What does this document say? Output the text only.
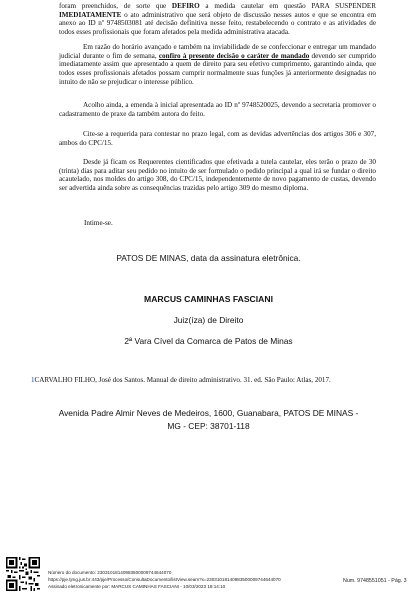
foram preenchidos, de sorte que DEFIRO a medida cautelar em questão PARA SUSPENDER IMEDIATAMENTE o ato administrativo que será objeto de discussão nesses autos e que se encontra em anexo ao ID nº 9748503081 até decisão definitiva nesse feito, restabelecendo o contrato e as atividades de todos esses profissionais que foram afetados pela medida administrativa atacada.
Em razão do horário avançado e também na inviabilidade de se confeccionar e entregar um mandado judicial durante o fim de semana, confiro à presente decisão o caráter de mandado devendo ser cumprido imediatamente assim que apresentado a quem de direito para seu efetivo cumprimento, garantindo ainda, que todos esses profissionais afetados possam cumprir normalmente suas funções já anteriormente designadas no intuito de não se prejudicar o interesse público.
Acolho ainda, a emenda à inicial apresentada ao ID nº 9748520025, devendo a secretaria promover o cadastramento de praxe da também autora do feito.
Cite-se a requerida para contestar no prazo legal, com as devidas advertências dos artigos 306 e 307, ambos do CPC/15.
Desde já ficam os Requerentes cientificados que efetivada a tutela cautelar, eles terão o prazo de 30 (trinta) dias para aditar seu pedido no intuito de ser formulado o pedido principal a qual irá se fundar o direito acautelado, nos moldes do artigo 308, do CPC/15, independentemente de novo pagamento de custas, devendo ser advertida ainda sobre as consequências trazidas pelo artigo 309 do mesmo diploma.
Intime-se.
PATOS DE MINAS, data da assinatura eletrônica.
MARCUS CAMINHAS FASCIANI
Juiz(íza) de Direito
2ª Vara Cível da Comarca de Patos de Minas
1CARVALHO FILHO, José dos Santos. Manual de direito administrativo. 31. ed. São Paulo: Atlas, 2017.
Avenida Padre Almir Neves de Medeiros, 1600, Guanabara, PATOS DE MINAS -
MG - CEP: 38701-118
Número do documento: 23031018140983500009744644070
https://pje.tjmg.jus.br:443/pje/Processo/ConsultaDocumento/listView.seam?x=23031018140983500009744644070
Assinado eletronicamente por: MARCUS CAMINHAS FASCIANI - 10/03/2023 18:14:10
Num. 9748551051 - Pág. 3
